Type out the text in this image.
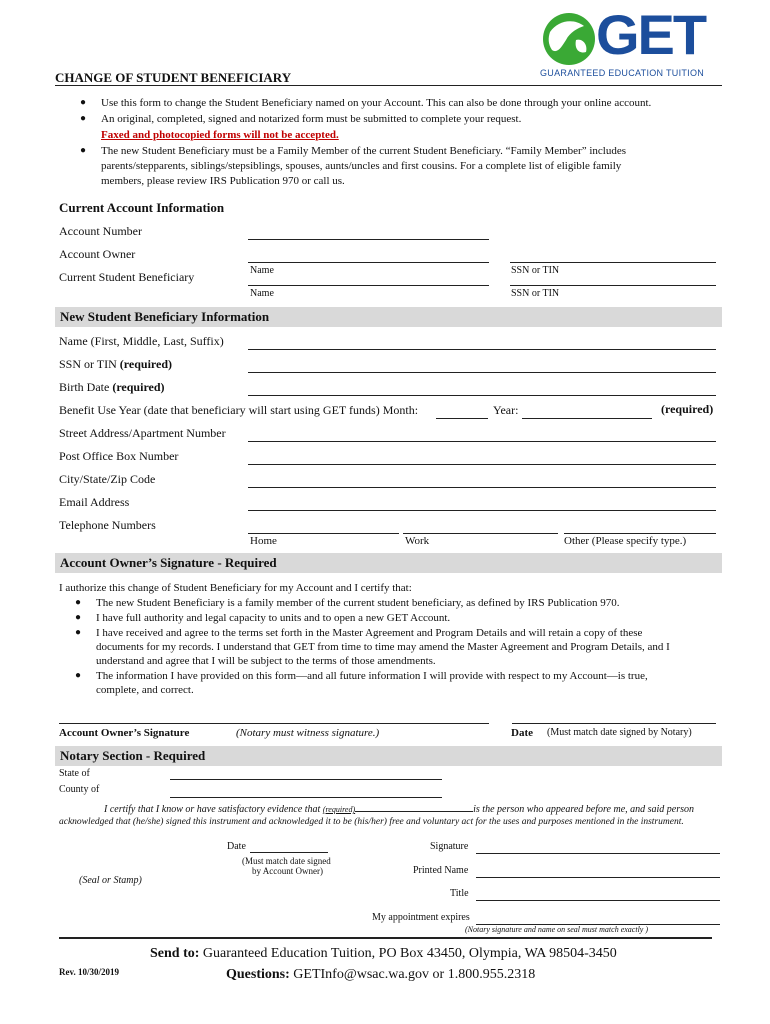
GET
GUARANTEED EDUCATION TUITION
CHANGE OF STUDENT BENEFICIARY
● Use this form to change the Student Beneficiary named on your Account. This can also be done through your online account.
● An original, completed, signed and notarized form must be submitted to complete your request.
Faxed and photocopied forms will not be accepted.
● The new Student Beneficiary must be a Family Member of the current Student Beneficiary. “Family Member” includes
parents/stepparents, siblings/stepsiblings, spouses, aunts/uncles and first cousins. For a complete list of eligible family
members, please review IRS Publication 970 or call us.
Current Account Information
Account Number
Account Owner
Name	SSN or TIN
Current Student Beneficiary
Name	SSN or TIN
New Student Beneficiary Information
Name (First, Middle, Last, Suffix)
SSN or TIN (required)
Birth Date (required)
Benefit Use Year (date that beneficiary will start using GET funds) Month:	Year:	(required)
Street Address/Apartment Number
Post Office Box Number
City/State/Zip Code
Email Address
Telephone Numbers
Home	Work	Other (Please specify type.)
Account Owner’s Signature - Required
I authorize this change of Student Beneficiary for my Account and I certify that:
● The new Student Beneficiary is a family member of the current student beneficiary, as defined by IRS Publication 970.
● I have full authority and legal capacity to units and to open a new GET Account.
● I have received and agree to the terms set forth in the Master Agreement and Program Details and will retain a copy of these
documents for my records. I understand that GET from time to time may amend the Master Agreement and Program Details, and I
understand and agree that I will be subject to the terms of those amendments.
● The information I have provided on this form—and all future information I will provide with respect to my Account—is true,
complete, and correct.
Account Owner’s Signature	(Notary must witness signature.)	Date (Must match date signed by Notary)
Notary Section - Required
State of
County of
I certify that I know or have satisfactory evidence that (required)	is the person who appeared before me, and said person
acknowledged that (he/she) signed this instrument and acknowledged it to be (his/her) free and voluntary act for the uses and purposes mentioned in the instrument.
Date
(Must match date signed
by Account Owner)
(Seal or Stamp)
Signature
Printed Name
Title
My appointment expires
(Notary signature and name on seal must match exactly )
Rev. 10/30/2019
Send to: Guaranteed Education Tuition, PO Box 43450, Olympia, WA 98504-3450
Questions: GETInfo@wsac.wa.gov or 1.800.955.2318
